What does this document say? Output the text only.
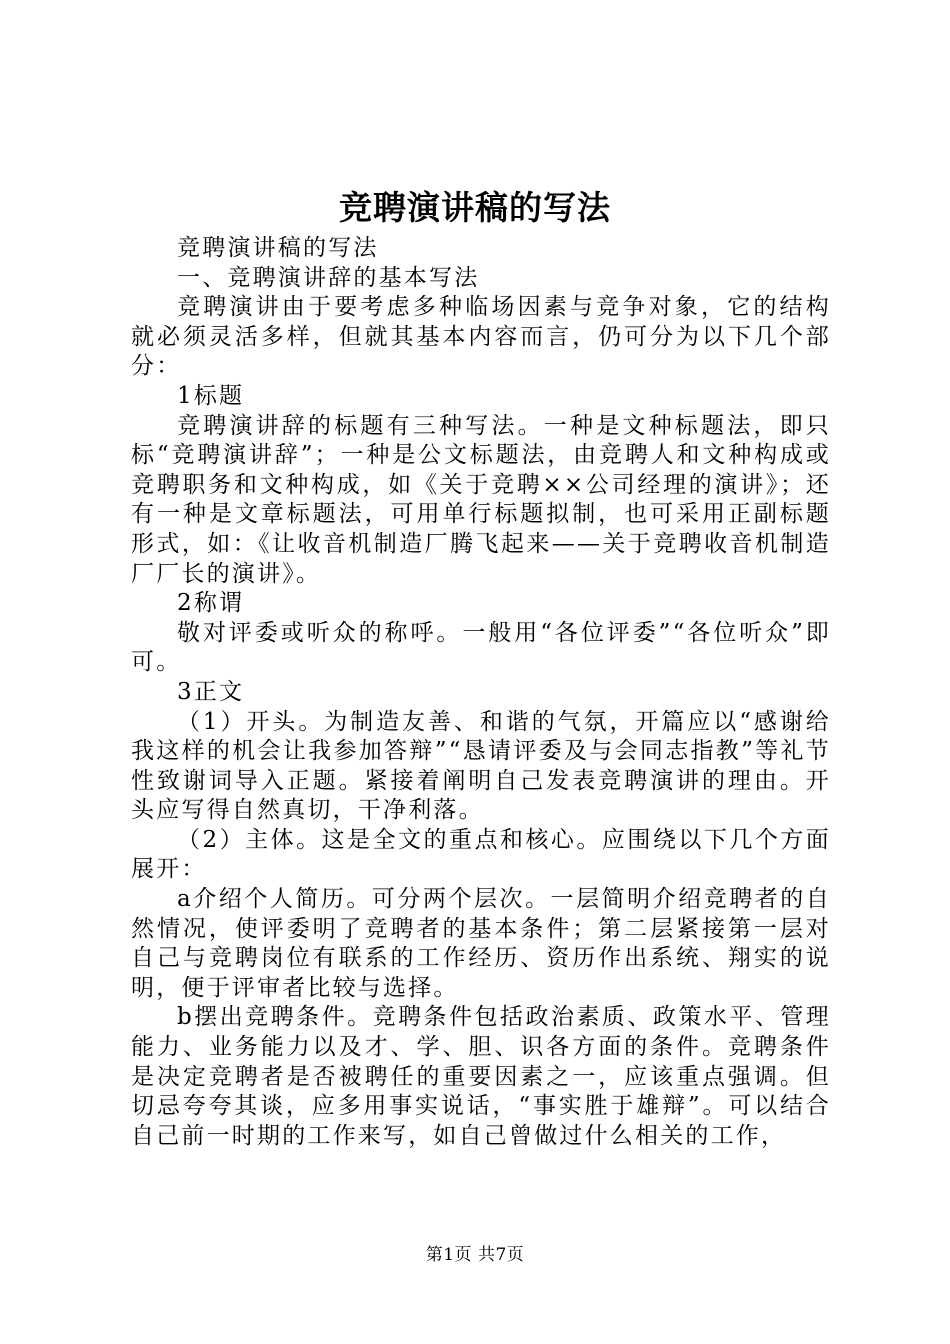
竞聘演讲稿的写法

竞聘演讲稿的写法

一、竞聘演讲辞的基本写法

竞聘演讲由于要考虑多种临场因素与竞争对象，它的结构就必须灵活多样，但就其基本内容而言，仍可分为以下几个部分：

1标题

竞聘演讲辞的标题有三种写法。一种是文种标题法，即只标“竞聘演讲辞”；一种是公文标题法，由竞聘人和文种构成或竞聘职务和文种构成，如《关于竞聘××公司经理的演讲》；还有一种是文章标题法，可用单行标题拟制，也可采用正副标题形式，如：《让收音机制造厂腾飞起来——关于竞聘收音机制造厂厂长的演讲》。

2称谓

敬对评委或听众的称呼。一般用“各位评委”“各位听众”即可。

3正文

（1）开头。为制造友善、和谐的气氛，开篇应以“感谢给我这样的机会让我参加答辩”“恳请评委及与会同志指教”等礼节性致谢词导入正题。紧接着阐明自己发表竞聘演讲的理由。开头应写得自然真切，干净利落。

（2）主体。这是全文的重点和核心。应围绕以下几个方面展开：

a介绍个人简历。可分两个层次。一层简明介绍竞聘者的自然情况，使评委明了竞聘者的基本条件；第二层紧接第一层对自己与竞聘岗位有联系的工作经历、资历作出系统、翔实的说明，便于评审者比较与选择。

b摆出竞聘条件。竞聘条件包括政治素质、政策水平、管理能力、业务能力以及才、学、胆、识各方面的条件。竞聘条件是决定竞聘者是否被聘任的重要因素之一，应该重点强调。但切忌夸夸其谈，应多用事实说话，“事实胜于雄辩”。可以结合自己前一时期的工作来写，如自己曾做过什么相关的工作，

第1页 共7页
